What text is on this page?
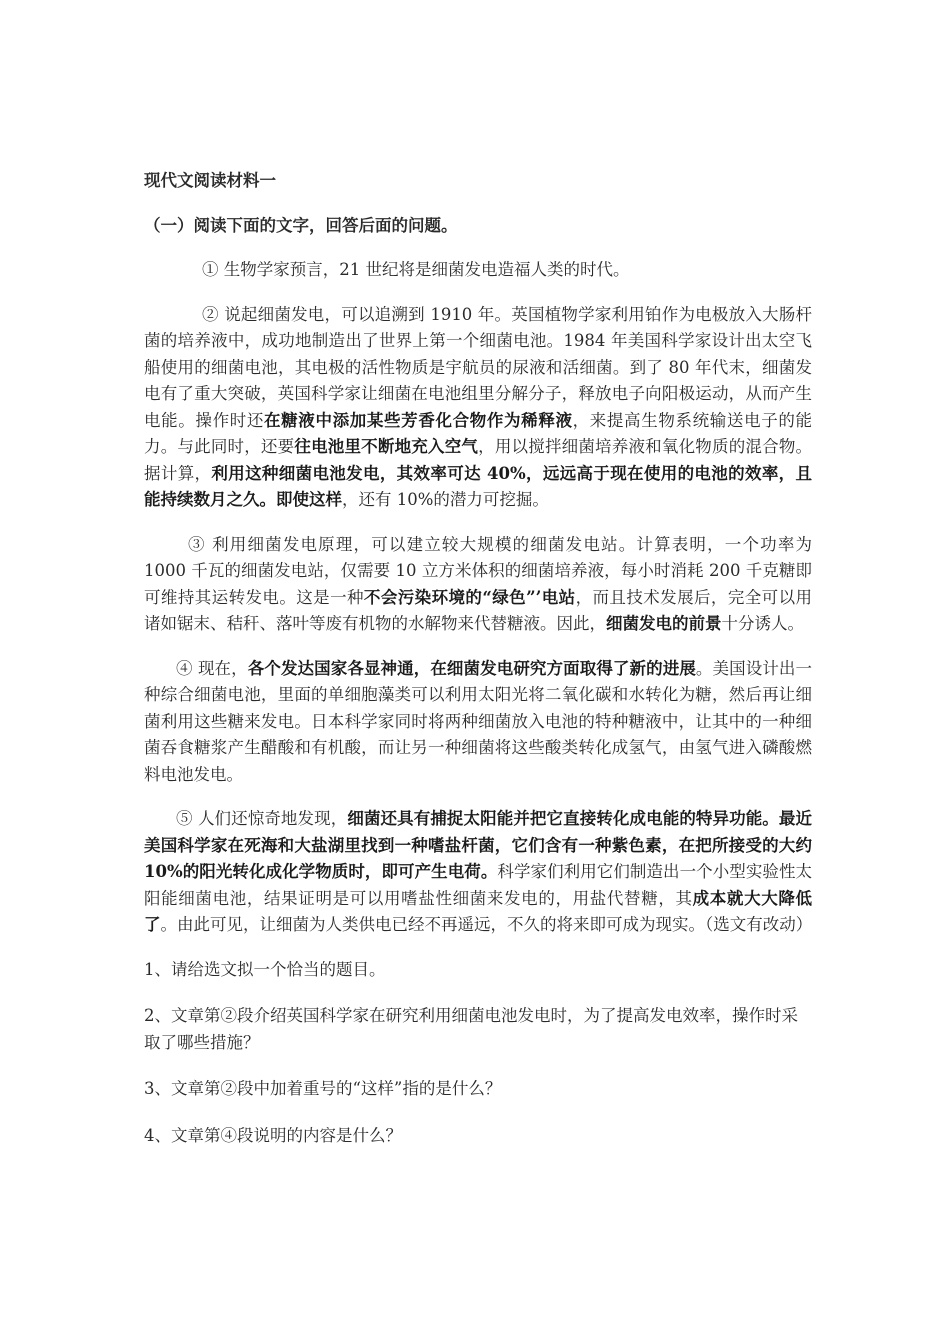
现代文阅读材料一
（一）阅读下面的文字，回答后面的问题。

① 生物学家预言，21 世纪将是细菌发电造福人类的时代。

② 说起细菌发电，可以追溯到 1910 年。英国植物学家利用铂作为电极放入大肠杆菌的培养液中，成功地制造出了世界上第一个细菌电池。1984 年美国科学家设计出太空飞船使用的细菌电池，其电极的活性物质是宇航员的尿液和活细菌。到了 80 年代末，细菌发电有了重大突破，英国科学家让细菌在电池组里分解分子，释放电子向阳极运动，从而产生电能。操作时还在糖液中添加某些芳香化合物作为稀释液，来提高生物系统输送电子的能力。与此同时，还要往电池里不断地充入空气，用以搅拌细菌培养液和氧化物质的混合物。据计算，利用这种细菌电池发电，其效率可达 40%，远远高于现在使用的电池的效率，且能持续数月之久。即使这样，还有 10%的潜力可挖掘。

③ 利用细菌发电原理，可以建立较大规模的细菌发电站。计算表明，一个功率为 1000 千瓦的细菌发电站，仅需要 10 立方米体积的细菌培养液，每小时消耗 200 千克糖即可维持其运转发电。这是一种不会污染环境的“绿色”’电站，而且技术发展后，完全可以用诸如锯末、秸秆、落叶等废有机物的水解物来代替糖液。因此，细菌发电的前景十分诱人。

④ 现在，各个发达国家各显神通，在细菌发电研究方面取得了新的进展。美国设计出一种综合细菌电池，里面的单细胞藻类可以利用太阳光将二氧化碳和水转化为糖，然后再让细菌利用这些糖来发电。日本科学家同时将两种细菌放入电池的特种糖液中，让其中的一种细菌吞食糖浆产生醋酸和有机酸，而让另一种细菌将这些酸类转化成氢气，由氢气进入磷酸燃料电池发电。

⑤ 人们还惊奇地发现，细菌还具有捕捉太阳能并把它直接转化成电能的特异功能。最近美国科学家在死海和大盐湖里找到一种嗜盐杆菌，它们含有一种紫色素，在把所接受的大约 10%的阳光转化成化学物质时，即可产生电荷。科学家们利用它们制造出一个小型实验性太阳能细菌电池，结果证明是可以用嗜盐性细菌来发电的，用盐代替糖，其成本就大大降低了。由此可见，让细菌为人类供电已经不再遥远，不久的将来即可成为现实。（选文有改动）

1、请给选文拟一个恰当的题目。
2、文章第②段介绍英国科学家在研究利用细菌电池发电时，为了提高发电效率，操作时采取了哪些措施？
3、文章第②段中加着重号的“这样”指的是什么？
4、文章第④段说明的内容是什么？
